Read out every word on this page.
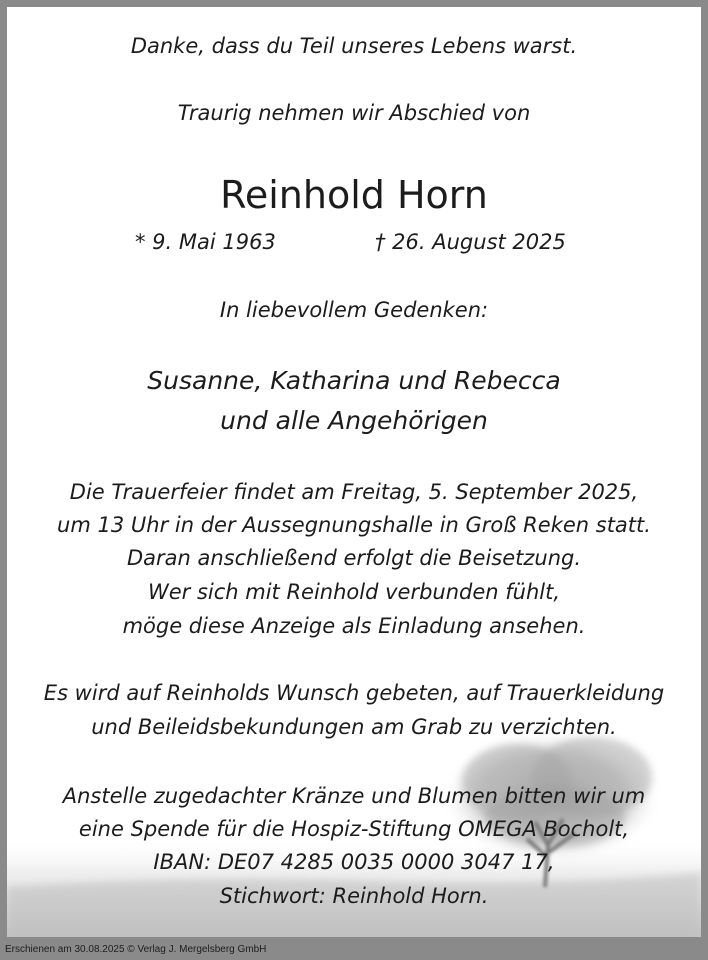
Danke, dass du Teil unseres Lebens warst.
Traurig nehmen wir Abschied von
Reinhold Horn
* 9. Mai 1963	† 26. August 2025
In liebevollem Gedenken:
Susanne, Katharina und Rebecca
und alle Angehörigen
Die Trauerfeier findet am Freitag, 5. September 2025,
um 13 Uhr in der Aussegnungshalle in Groß Reken statt.
Daran anschließend erfolgt die Beisetzung.
Wer sich mit Reinhold verbunden fühlt,
möge diese Anzeige als Einladung ansehen.
Es wird auf Reinholds Wunsch gebeten, auf Trauerkleidung
und Beileidsbekundungen am Grab zu verzichten.
Anstelle zugedachter Kränze und Blumen bitten wir um
eine Spende für die Hospiz-Stiftung OMEGA Bocholt,
IBAN: DE07 4285 0035 0000 3047 17,
Stichwort: Reinhold Horn.
Erschienen am 30.08.2025 © Verlag J. Mergelsberg GmbH
